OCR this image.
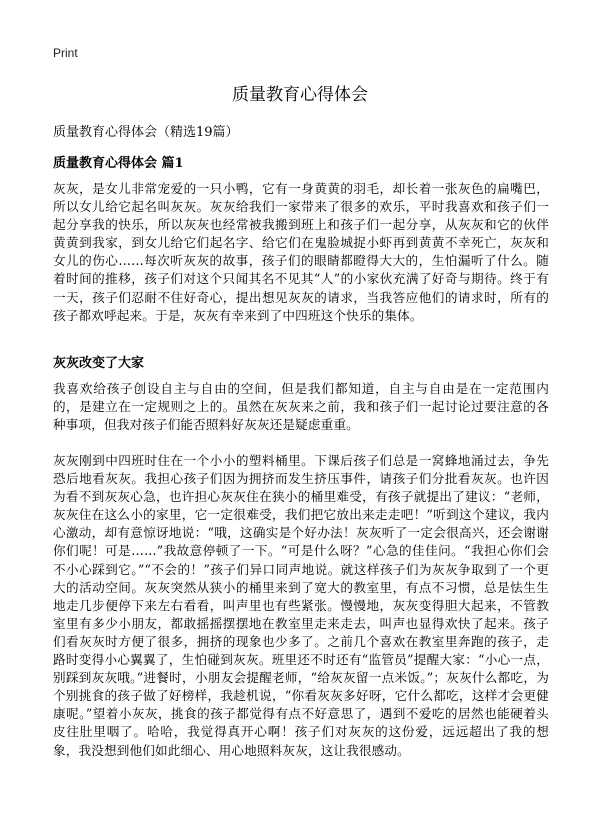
Print
质量教育心得体会

质量教育心得体会（精选19篇）

质量教育心得体会 篇1

灰灰，是女儿非常宠爱的一只小鸭，它有一身黄黄的羽毛，却长着一张灰色的扁嘴巴，所以女儿给它起名叫灰灰。灰灰给我们一家带来了很多的欢乐，平时我喜欢和孩子们一起分享我的快乐，所以灰灰也经常被我搬到班上和孩子们一起分享，从灰灰和它的伙伴黄黄到我家，到女儿给它们起名字、给它们在鬼脸城捉小虾再到黄黄不幸死亡，灰灰和女儿的伤心……每次听灰灰的故事，孩子们的眼睛都瞪得大大的，生怕漏听了什么。随着时间的推移，孩子们对这个只闻其名不见其“人”的小家伙充满了好奇与期待。终于有一天，孩子们忍耐不住好奇心，提出想见灰灰的请求，当我答应他们的请求时，所有的孩子都欢呼起来。于是，灰灰有幸来到了中四班这个快乐的集体。

灰灰改变了大家

我喜欢给孩子创设自主与自由的空间，但是我们都知道，自主与自由是在一定范围内的，是建立在一定规则之上的。虽然在灰灰来之前，我和孩子们一起讨论过要注意的各种事项，但我对孩子们能否照料好灰灰还是疑虑重重。

灰灰刚到中四班时住在一个小小的塑料桶里。下课后孩子们总是一窝蜂地涌过去，争先恐后地看灰灰。我担心孩子们因为拥挤而发生挤压事件，请孩子们分批看灰灰。也许因为看不到灰灰心急，也许担心灰灰住在狭小的桶里难受，有孩子就提出了建议：“老师，灰灰住在这么小的家里，它一定很难受，我们把它放出来走走吧！”听到这个建议，我内心激动，却有意惊讶地说：“哦，这确实是个好办法！灰灰听了一定会很高兴，还会谢谢你们呢！可是……”我故意停顿了一下。“可是什么呀？”心急的佳佳问。“我担心你们会不小心踩到它。”“不会的！”孩子们异口同声地说。就这样孩子们为灰灰争取到了一个更大的活动空间。灰灰突然从狭小的桶里来到了宽大的教室里，有点不习惯，总是怯生生地走几步便停下来左右看看，叫声里也有些紧张。慢慢地，灰灰变得胆大起来，不管教室里有多少小朋友，都敢摇摇摆摆地在教室里走来走去，叫声也显得欢快了起来。孩子们看灰灰时方便了很多，拥挤的现象也少多了。之前几个喜欢在教室里奔跑的孩子，走路时变得小心翼翼了，生怕碰到灰灰。班里还不时还有“监管员”提醒大家：“小心一点，别踩到灰灰哦。”进餐时，小朋友会提醒老师，“给灰灰留一点米饭。”；灰灰什么都吃，为个别挑食的孩子做了好榜样，我趁机说，“你看灰灰多好呀，它什么都吃，这样才会更健康呢。”望着小灰灰，挑食的孩子都觉得有点不好意思了，遇到不爱吃的居然也能硬着头皮往肚里咽了。哈哈，我觉得真开心啊！孩子们对灰灰的这份爱，远远超出了我的想象，我没想到他们如此细心、用心地照料灰灰，这让我很感动。
